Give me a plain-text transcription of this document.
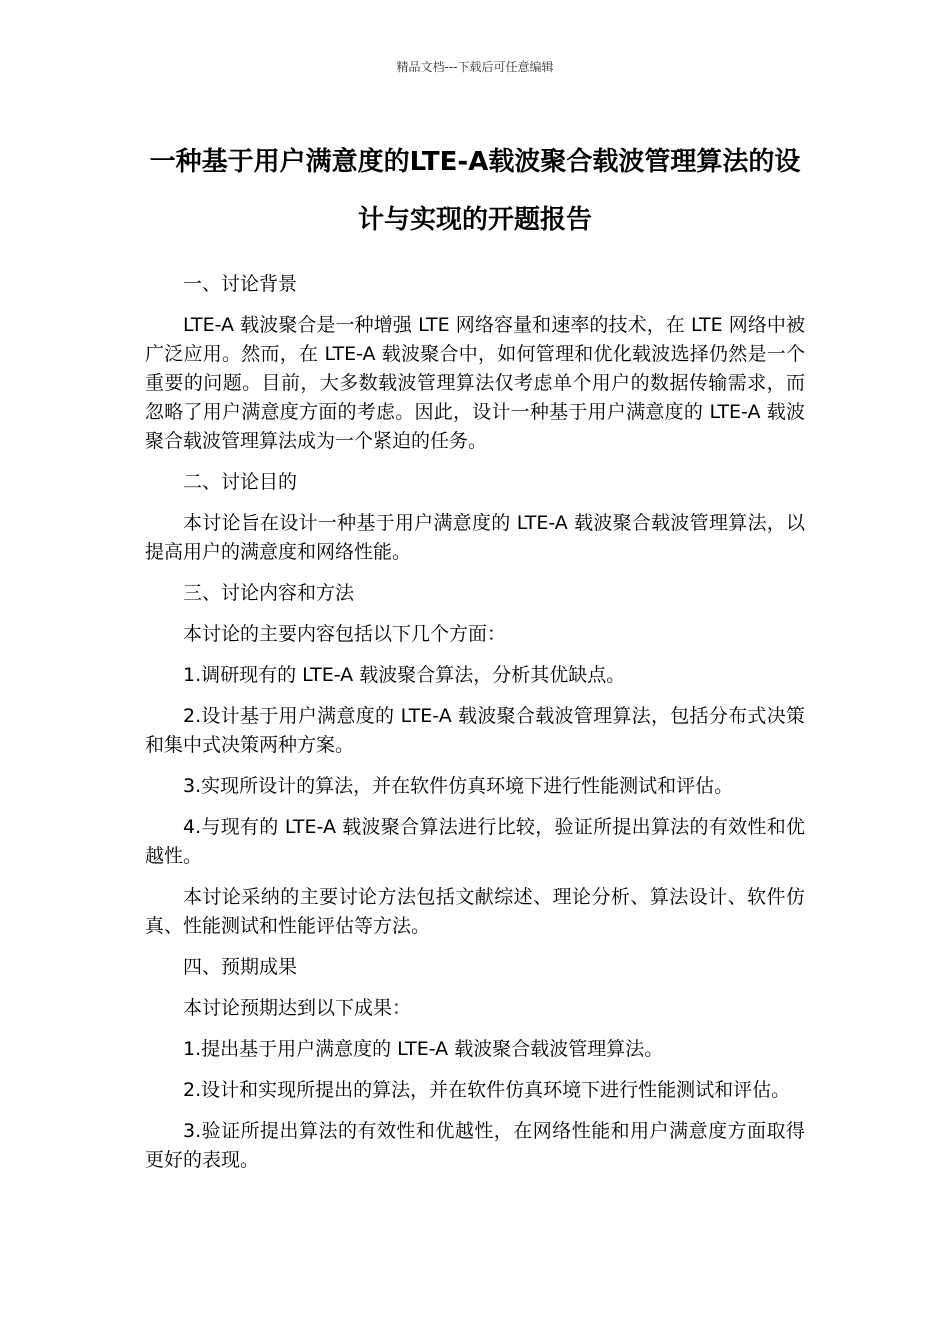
精品文档---下载后可任意编辑
一种基于用户满意度的LTE-A载波聚合载波管理算法的设计与实现的开题报告
一、讨论背景
LTE-A 载波聚合是一种增强 LTE 网络容量和速率的技术，在 LTE 网络中被广泛应用。然而，在 LTE-A 载波聚合中，如何管理和优化载波选择仍然是一个重要的问题。目前，大多数载波管理算法仅考虑单个用户的数据传输需求，而忽略了用户满意度方面的考虑。因此，设计一种基于用户满意度的 LTE-A 载波聚合载波管理算法成为一个紧迫的任务。
二、讨论目的
本讨论旨在设计一种基于用户满意度的 LTE-A 载波聚合载波管理算法，以提高用户的满意度和网络性能。
三、讨论内容和方法
本讨论的主要内容包括以下几个方面：
1.调研现有的 LTE-A 载波聚合算法，分析其优缺点。
2.设计基于用户满意度的 LTE-A 载波聚合载波管理算法，包括分布式决策和集中式决策两种方案。
3.实现所设计的算法，并在软件仿真环境下进行性能测试和评估。
4.与现有的 LTE-A 载波聚合算法进行比较，验证所提出算法的有效性和优越性。
本讨论采纳的主要讨论方法包括文献综述、理论分析、算法设计、软件仿真、性能测试和性能评估等方法。
四、预期成果
本讨论预期达到以下成果：
1.提出基于用户满意度的 LTE-A 载波聚合载波管理算法。
2.设计和实现所提出的算法，并在软件仿真环境下进行性能测试和评估。
3.验证所提出算法的有效性和优越性，在网络性能和用户满意度方面取得更好的表现。
